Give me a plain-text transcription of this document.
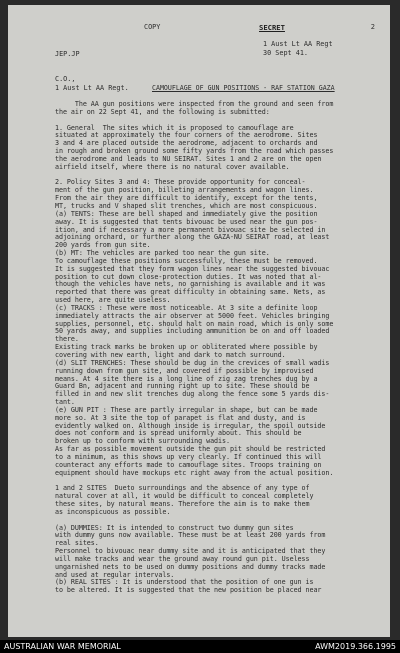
2
JEP.JP
COPY	SECRET
1 Aust Lt AA Regt
30 Sept 41.
C.O.,
1 Aust Lt AA Regt.	CAMOUFLAGE OF GUN POSITIONS - RAF STATION GAZA
The AA gun positions were inspected from the ground and seen from
the air on 22 Sept 41, and the following is submitted:

1. General  The sites which it is proposed to camouflage are
situated at approximately the four corners of the aerodrome. Sites
3 and 4 are placed outside the aerodrome, adjacent to orchards and
in rough and broken ground some fifty yards from the road which passes
the aerodrome and leads to NU SEIRAT. Sites 1 and 2 are on the open
airfield itself, where there is no natural cover available.

2. Policy Sites 3 and 4: These provide opportunity for conceal-
ment of the gun position, billeting arrangements and wagon lines.
From the air they are difficult to identify, except for the tents,
MT, trucks and V shaped slit trenches, which are most conspicuous.
(a) TENTS: These are bell shaped and immediately give the position
away. It is suggested that tents bivouac be used near the gun pos-
ition, and if necessary a more permanent bivouac site be selected in
adjoining orchard, or further along the GAZA-NU SEIRAT road, at least
200 yards from gun site.
(b) MT: The vehicles are parked too near the gun site.
To camouflage these positions successfully, these must be removed.
It is suggested that they form wagon lines near the suggested bivouac
position to cut down close-protection duties. It was noted that al-
though the vehicles have nets, no garnishing is available and it was
reported that there was great difficulty in obtaining same. Nets, as
used here, are quite useless.
(c) TRACKS : These were most noticeable. At 3 site a definite loop
immediately attracts the air observer at 5000 feet. Vehicles bringing
supplies, personnel, etc. should halt on main road, which is only some
50 yards away, and supplies including ammunition be on and off loaded
there.
Existing track marks be broken up or obliterated where possible by
covering with new earth, light and dark to match surround.
(d) SLIT TRENCHES: These should be dug in the crevices of small wadis
running down from gun site, and covered if possible by improvised
means. At 4 site there is a long line of zig zag trenches dug by a
Guard Bn, adjacent and running right up to site. These should be
filled in and new slit trenches dug along the fence some 5 yards dis-
tant.
(e) GUN PIT : These are partly irregular in shape, but can be made
more so. At 3 site the top of parapet is flat and dusty, and is
evidently walked on. Although inside is irregular, the spoil outside
does not conform and is spread uniformly about. This should be
broken up to conform with surrounding wadis.
As far as possible movement outside the gun pit should be restricted
to a minimum, as this shows up very clearly. If continued this will
counteract any efforts made to camouflage sites. Troops training on
equipment should have mockups etc right away from the actual position.

1 and 2 SITES  Dueto surroundings and the absence of any type of
natural cover at all, it would be difficult to conceal completely
these sites, by natural means. Therefore the aim is to make them
as inconspicuous as possible.

(a) DUMMIES: It is intended to construct two dummy gun sites
with dummy guns now available. These must be at least 200 yards from
real sites.
Personnel to bivouac near dummy site and it is anticipated that they
will make tracks and wear the ground away round gun pit. Useless
ungarnished nets to be used on dummy positions and dummy tracks made
and used at regular intervals.
(b) REAL SITES : It is understood that the position of one gun is
to be altered. It is suggested that the new position be placed near
AUSTRALIAN WAR MEMORIAL	AWM2019.366.1995
